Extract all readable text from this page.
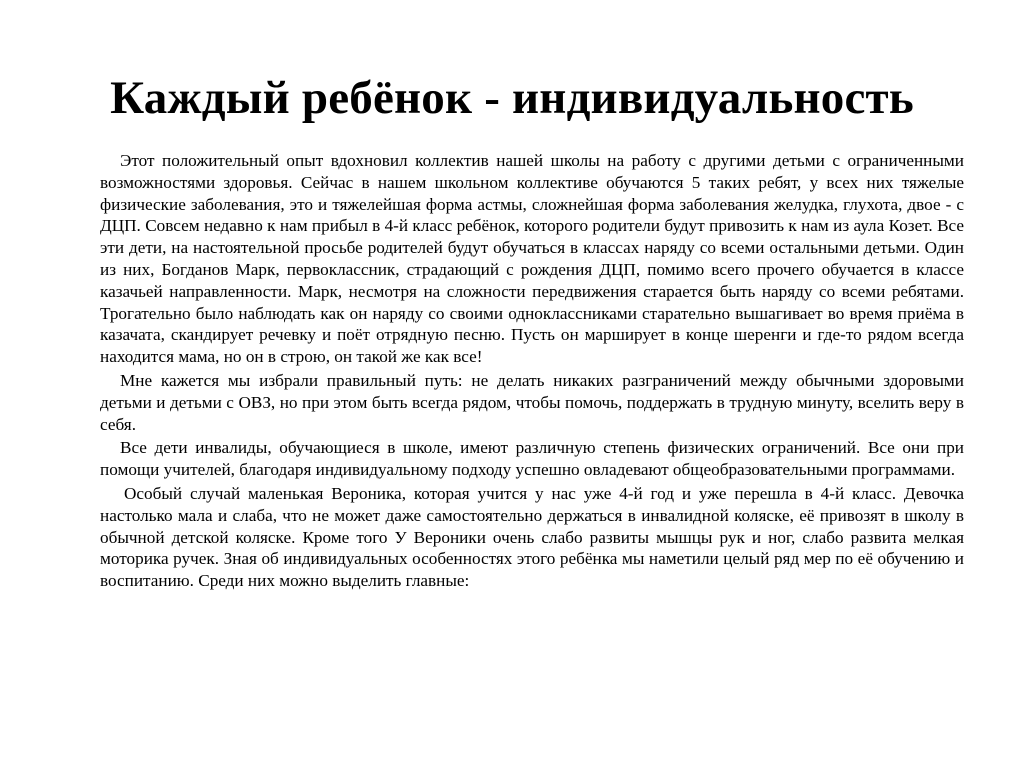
Каждый ребёнок - индивидуальность

Этот положительный опыт вдохновил коллектив нашей школы на работу с другими детьми с ограниченными возможностями здоровья. Сейчас в нашем школьном коллективе обучаются 5 таких ребят, у всех них тяжелые физические заболевания, это и тяжелейшая форма астмы, сложнейшая форма заболевания желудка, глухота, двое - с ДЦП. Совсем недавно к нам прибыл в 4-й класс ребёнок, которого родители будут привозить к нам из аула Козет. Все эти дети, на настоятельной просьбе родителей будут обучаться в классах наряду со всеми остальными детьми. Один из них, Богданов Марк, первоклассник, страдающий с рождения ДЦП, помимо всего прочего обучается в классе казачьей направленности. Марк, несмотря на сложности передвижения старается быть наряду со всеми ребятами. Трогательно было наблюдать как он наряду со своими одноклассниками старательно вышагивает во время приёма в казачата, скандирует речевку и поёт отрядную песню. Пусть он марширует в конце шеренги и где-то рядом всегда находится мама, но он в строю, он такой же как все!

Мне кажется мы избрали правильный путь: не делать никаких разграничений между обычными здоровыми детьми и детьми с ОВЗ, но при этом быть всегда рядом, чтобы помочь, поддержать в трудную минуту, вселить веру в себя.

Все дети инвалиды, обучающиеся в школе, имеют различную степень физических ограничений. Все они при помощи учителей, благодаря индивидуальному подходу успешно овладевают общеобразовательными программами.

Особый случай маленькая Вероника, которая учится у нас уже 4-й год и уже перешла в 4-й класс. Девочка настолько мала и слаба, что не может даже самостоятельно держаться в инвалидной коляске, её привозят в школу в обычной детской коляске. Кроме того У Вероники очень слабо развиты мышцы рук и ног, слабо развита мелкая моторика ручек. Зная об индивидуальных особенностях этого ребёнка мы наметили целый ряд мер по её обучению и воспитанию. Среди них можно выделить главные:
